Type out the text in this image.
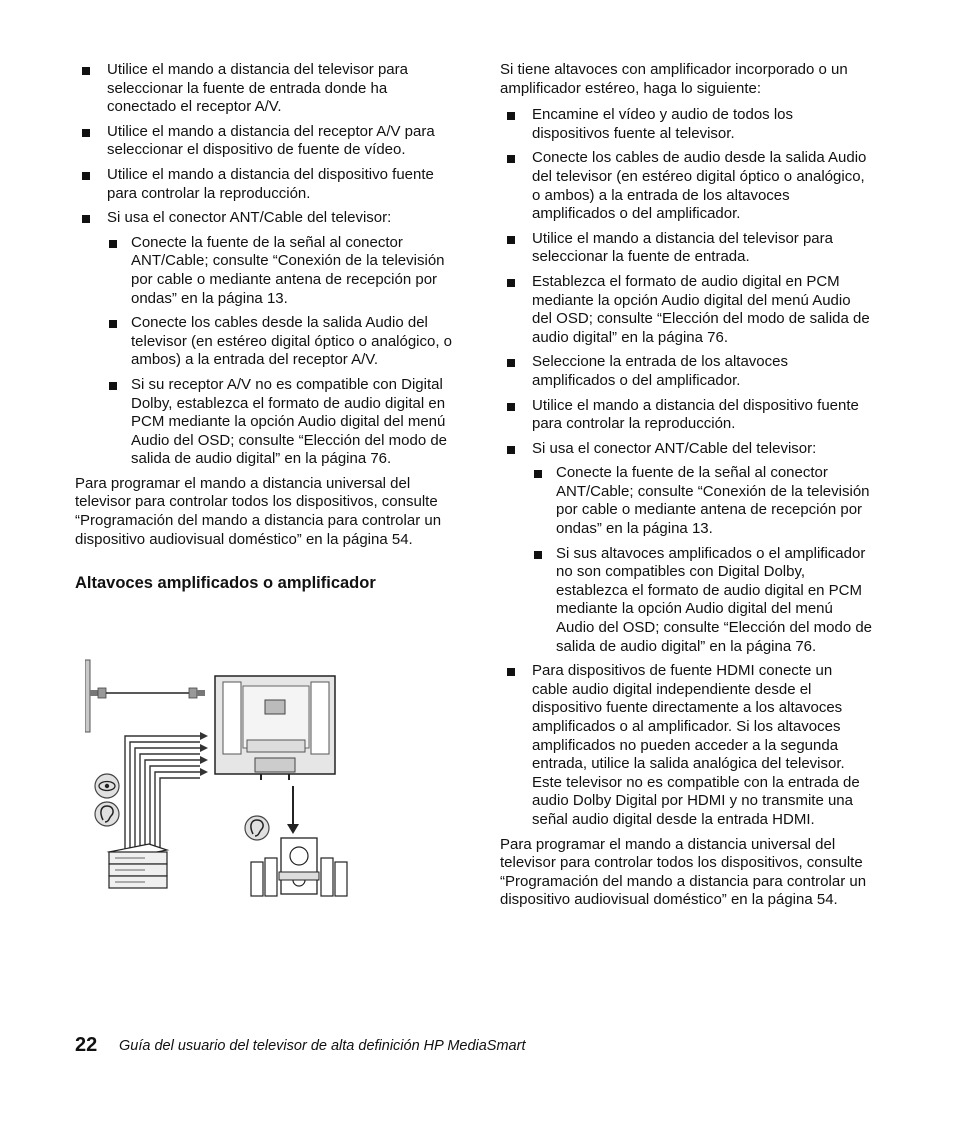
Utilice el mando a distancia del televisor para seleccionar la fuente de entrada donde ha conectado el receptor A/V.
Utilice el mando a distancia del receptor A/V para seleccionar el dispositivo de fuente de vídeo.
Utilice el mando a distancia del dispositivo fuente para controlar la reproducción.
Si usa el conector ANT/Cable del televisor:
Conecte la fuente de la señal al conector ANT/Cable; consulte “Conexión de la televisión por cable o mediante antena de recepción por ondas” en la página 13.
Conecte los cables desde la salida Audio del televisor (en estéreo digital óptico o analógico, o ambos) a la entrada del receptor A/V.
Si su receptor A/V no es compatible con Digital Dolby, establezca el formato de audio digital en PCM mediante la opción Audio digital del menú Audio del OSD; consulte “Elección del modo de salida de audio digital” en la página 76.

Para programar el mando a distancia universal del televisor para controlar todos los dispositivos, consulte “Programación del mando a distancia para controlar un dispositivo audiovisual doméstico” en la página 54.

Altavoces amplificados o amplificador

Si tiene altavoces con amplificador incorporado o un amplificador estéreo, haga lo siguiente:

Encamine el vídeo y audio de todos los dispositivos fuente al televisor.
Conecte los cables de audio desde la salida Audio del televisor (en estéreo digital óptico o analógico, o ambos) a la entrada de los altavoces amplificados o del amplificador.
Utilice el mando a distancia del televisor para seleccionar la fuente de entrada.
Establezca el formato de audio digital en PCM mediante la opción Audio digital del menú Audio del OSD; consulte “Elección del modo de salida de audio digital” en la página 76.
Seleccione la entrada de los altavoces amplificados o del amplificador.
Utilice el mando a distancia del dispositivo fuente para controlar la reproducción.
Si usa el conector ANT/Cable del televisor:
Conecte la fuente de la señal al conector ANT/Cable; consulte “Conexión de la televisión por cable o mediante antena de recepción por ondas” en la página 13.
Si sus altavoces amplificados o el amplificador no son compatibles con Digital Dolby, establezca el formato de audio digital en PCM mediante la opción Audio digital del menú Audio del OSD; consulte “Elección del modo de salida de audio digital” en la página 76.
Para dispositivos de fuente HDMI conecte un cable audio digital independiente desde el dispositivo fuente directamente a los altavoces amplificados o al amplificador. Si los altavoces amplificados no pueden acceder a la segunda entrada, utilice la salida analógica del televisor. Este televisor no es compatible con la entrada de audio Dolby Digital por HDMI y no transmite una señal audio digital desde la entrada HDMI.

Para programar el mando a distancia universal del televisor para controlar todos los dispositivos, consulte “Programación del mando a distancia para controlar un dispositivo audiovisual doméstico” en la página 54.

22 Guía del usuario del televisor de alta definición HP MediaSmart
